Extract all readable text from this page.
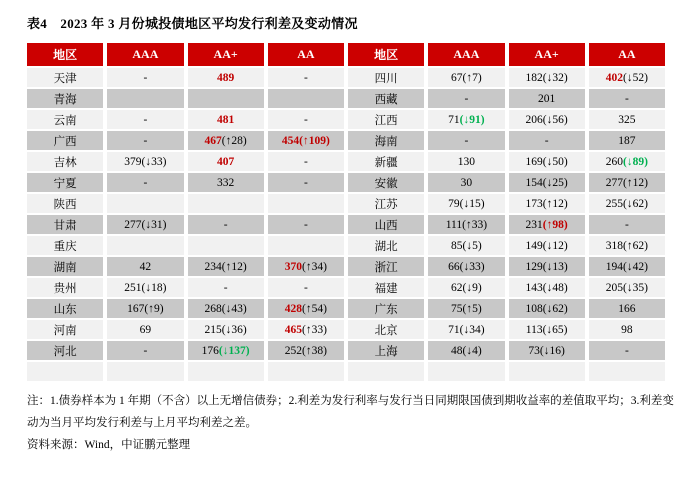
表4　2023 年 3 月份城投债地区平均发行利差及变动情况

地区	AAA	AA+	AA	地区	AAA	AA+	AA
天津	-	489	-	四川	67(↑7)	182(↓32)	402(↓52)
青海				西藏	-	201	-
云南	-	481	-	江西	71(↓91)	206(↓56)	325
广西	-	467(↑28)	454(↑109)	海南	-	-	187
吉林	379(↓33)	407	-	新疆	130	169(↓50)	260(↓89)
宁夏	-	332	-	安徽	30	154(↓25)	277(↑12)
陕西				江苏	79(↓15)	173(↑12)	255(↓62)
甘肃	277(↓31)	-	-	山西	111(↑33)	231(↑98)	-
重庆				湖北	85(↓5)	149(↓12)	318(↑62)
湖南	42	234(↑12)	370(↑34)	浙江	66(↓33)	129(↓13)	194(↓42)
贵州	251(↓18)	-	-	福建	62(↓9)	143(↓48)	205(↓35)
山东	167(↑9)	268(↓43)	428(↑54)	广东	75(↑5)	108(↓62)	166
河南	69	215(↓36)	465(↑33)	北京	71(↓34)	113(↓65)	98
河北	-	176(↓137)	252(↑38)	上海	48(↓4)	73(↓16)	-

注：1.债券样本为 1 年期（不含）以上无增信债券；2.利差为发行利率与发行当日同期限国债到期收益率的差值取平均；3.利差变动为当月平均发行利差与上月平均利差之差。

资料来源：Wind，中证鹏元整理
